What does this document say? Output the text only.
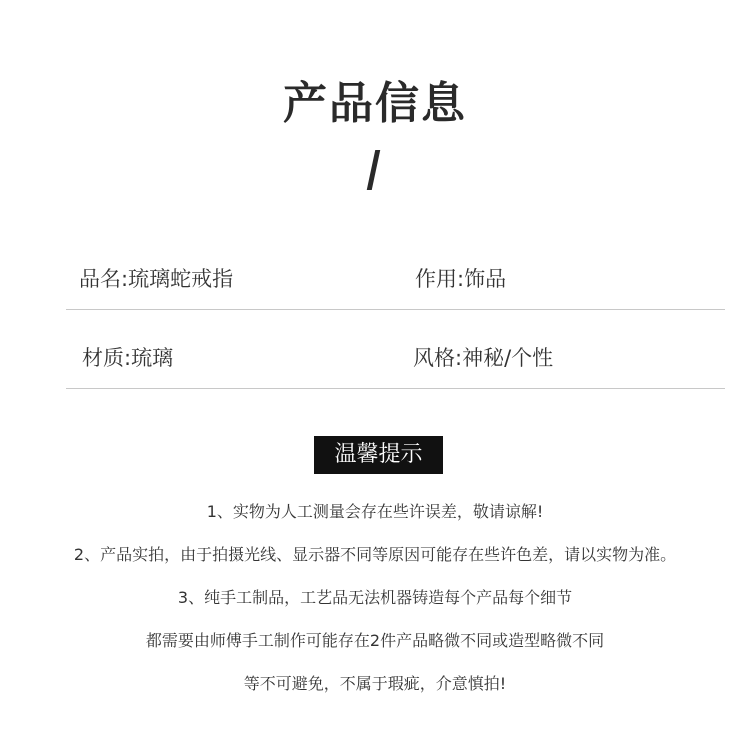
产品信息
品名:琉璃蛇戒指	作用:饰品
材质:琉璃	风格:神秘/个性
温馨提示
1、实物为人工测量会存在些许误差，敬请谅解!
2、产品实拍，由于拍摄光线、显示器不同等原因可能存在些许色差，请以实物为准。
3、纯手工制品，工艺品无法机器铸造每个产品每个细节
都需要由师傅手工制作可能存在2件产品略微不同或造型略微不同
等不可避免，不属于瑕疵，介意慎拍!
